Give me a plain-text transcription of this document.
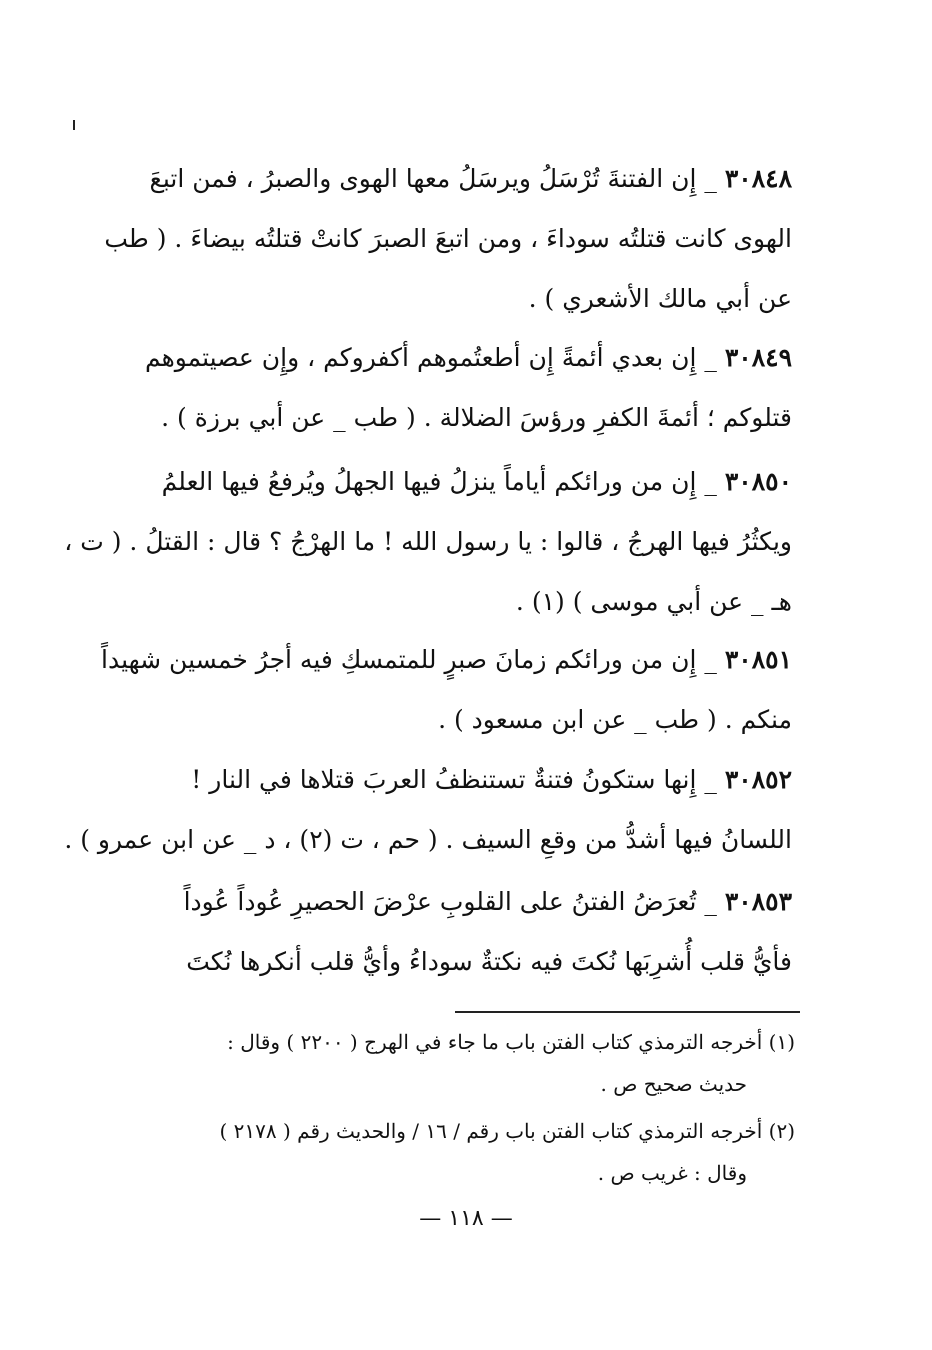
٣٠٨٤٨ _ إِن الفتنةَ تُرْسَلُ ويرسَلُ معها الهوى والصبرُ ، فمن اتبعَ
الهوى كانت قتلتُه سوداءَ ، ومن اتبعَ الصبرَ كانتْ قتلتُه بيضاءَ . ( طب
عن أبي مالك الأشعري ) .
٣٠٨٤٩ _ إِن بعدي أئمةً إِن أطعتُموهم أكفروكم ، وإِن عصيتموهم
قتلوكم ؛ أئمةَ الكفرِ ورؤسَ الضلالة . ( طب _ عن أبي برزة ) .
٣٠٨٥٠ _ إِن من ورائكم أياماً ينزلُ فيها الجهلُ ويُرفعُ فيها العلمُ
ويكثُرُ فيها الهرجُ ، قالوا : يا رسول الله ! ما الهرْجُ ؟ قال : القتلُ . ( ت ،
هـ _ عن أبي موسى ) (١) .
٣٠٨٥١ _ إِن من ورائكم زمانَ صبرٍ للمتمسكِ فيه أجرُ خمسين شهيداً
منكم . ( طب _ عن ابن مسعود ) .
٣٠٨٥٢ _ إِنها ستكونُ فتنةٌ تستنظفُ العربَ قتلاها في النار !
اللسانُ فيها أشدُّ من وقعِ السيف . ( حم ، ت (٢) ، د _ عن ابن عمرو ) .
٣٠٨٥٣ _ تُعرَضُ الفتنُ على القلوبِ عرْضَ الحصيرِ عُوداً عُوداً
فأيُّ قلب أُشرِبَها نُكتَ فيه نكتةٌ سوداءُ وأيُّ قلب أنكرها نُكتَ
(١) أخرجه الترمذي كتاب الفتن باب ما جاء في الهرج ( ٢٢٠٠ ) وقال :
حديث صحيح ص .
(٢) أخرجه الترمذي كتاب الفتن باب رقم / ١٦ / والحديث رقم ( ٢١٧٨ )
وقال : غريب ص .
— ١١٨ —
